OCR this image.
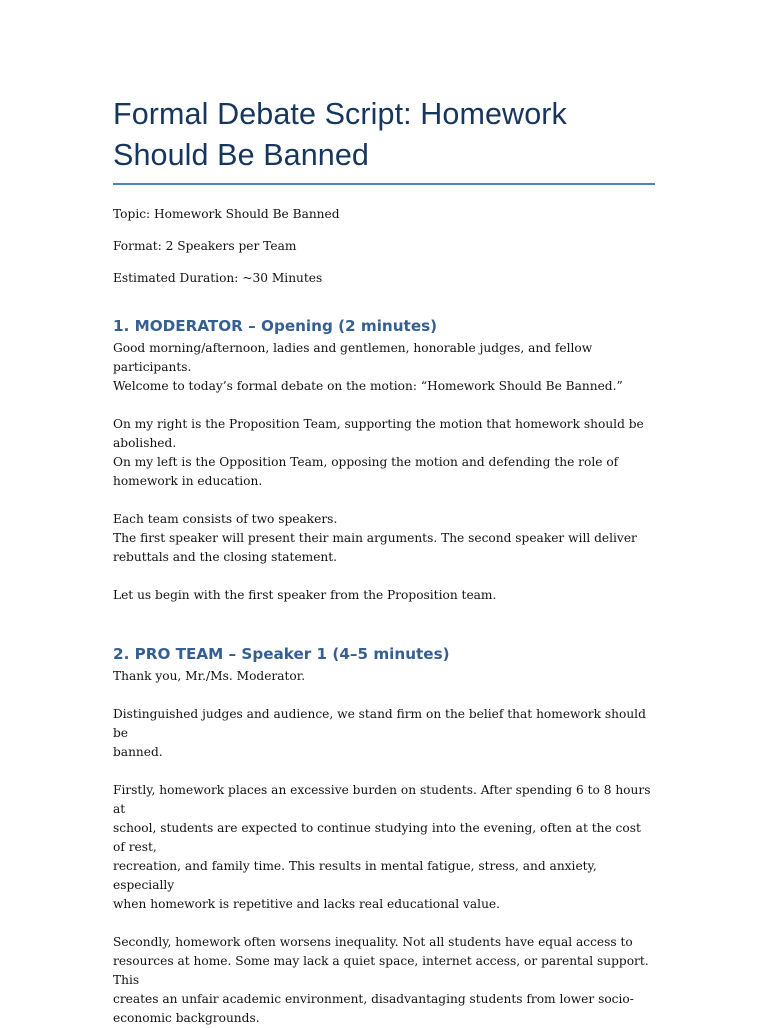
Formal Debate Script: Homework Should Be Banned

Topic: Homework Should Be Banned

Format: 2 Speakers per Team

Estimated Duration: ~30 Minutes

1. MODERATOR – Opening (2 minutes)

Good morning/afternoon, ladies and gentlemen, honorable judges, and fellow participants.
Welcome to today’s formal debate on the motion: “Homework Should Be Banned.”

On my right is the Proposition Team, supporting the motion that homework should be
abolished.
On my left is the Opposition Team, opposing the motion and defending the role of
homework in education.

Each team consists of two speakers.
The first speaker will present their main arguments. The second speaker will deliver
rebuttals and the closing statement.

Let us begin with the first speaker from the Proposition team.

2. PRO TEAM – Speaker 1 (4–5 minutes)

Thank you, Mr./Ms. Moderator.

Distinguished judges and audience, we stand firm on the belief that homework should be
banned.

Firstly, homework places an excessive burden on students. After spending 6 to 8 hours at
school, students are expected to continue studying into the evening, often at the cost of rest,
recreation, and family time. This results in mental fatigue, stress, and anxiety, especially
when homework is repetitive and lacks real educational value.

Secondly, homework often worsens inequality. Not all students have equal access to
resources at home. Some may lack a quiet space, internet access, or parental support. This
creates an unfair academic environment, disadvantaging students from lower socio-
economic backgrounds.
